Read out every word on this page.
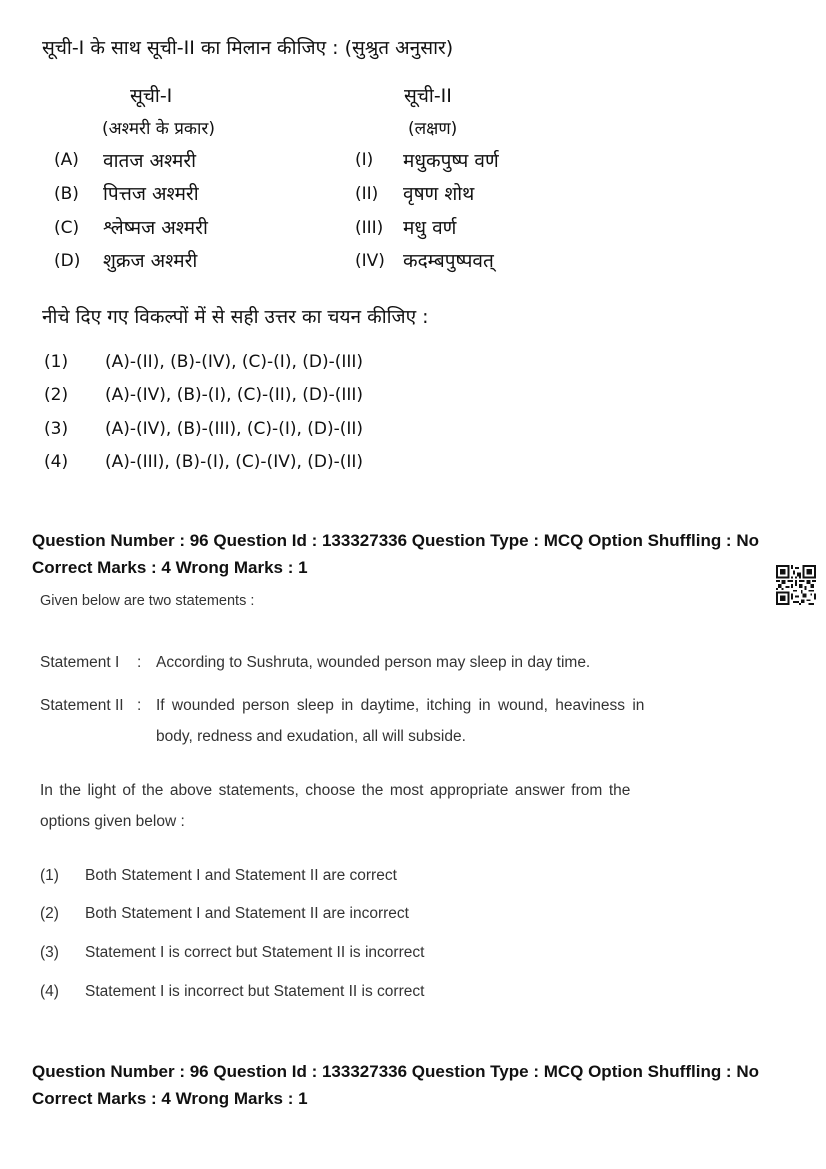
सूची-I के साथ सूची-II का मिलान कीजिए : (सुश्रुत अनुसार)
सूची-I
(अश्मरी के प्रकार)
सूची-II
(लक्षण)
(A) वातज अश्मरी	(I) मधुकपुष्प वर्ण
(B) पित्तज अश्मरी	(II) वृषण शोथ
(C) श्लेष्मज अश्मरी	(III) मधु वर्ण
(D) शुक्रज अश्मरी	(IV) कदम्बपुष्पवत्
नीचे दिए गए विकल्पों में से सही उत्तर का चयन कीजिए :
(1) (A)-(II), (B)-(IV), (C)-(I), (D)-(III)
(2) (A)-(IV), (B)-(I), (C)-(II), (D)-(III)
(3) (A)-(IV), (B)-(III), (C)-(I), (D)-(II)
(4) (A)-(III), (B)-(I), (C)-(IV), (D)-(II)
Question Number : 96 Question Id : 133327336 Question Type : MCQ Option Shuffling : No
Correct Marks : 4 Wrong Marks : 1
Given below are two statements :
Statement I : According to Sushruta, wounded person may sleep in day time.
Statement II : If wounded person sleep in daytime, itching in wound, heaviness in
body, redness and exudation, all will subside.
In the light of the above statements, choose the most appropriate answer from the
options given below :
(1) Both Statement I and Statement II are correct
(2) Both Statement I and Statement II are incorrect
(3) Statement I is correct but Statement II is incorrect
(4) Statement I is incorrect but Statement II is correct
Question Number : 96 Question Id : 133327336 Question Type : MCQ Option Shuffling : No
Correct Marks : 4 Wrong Marks : 1
